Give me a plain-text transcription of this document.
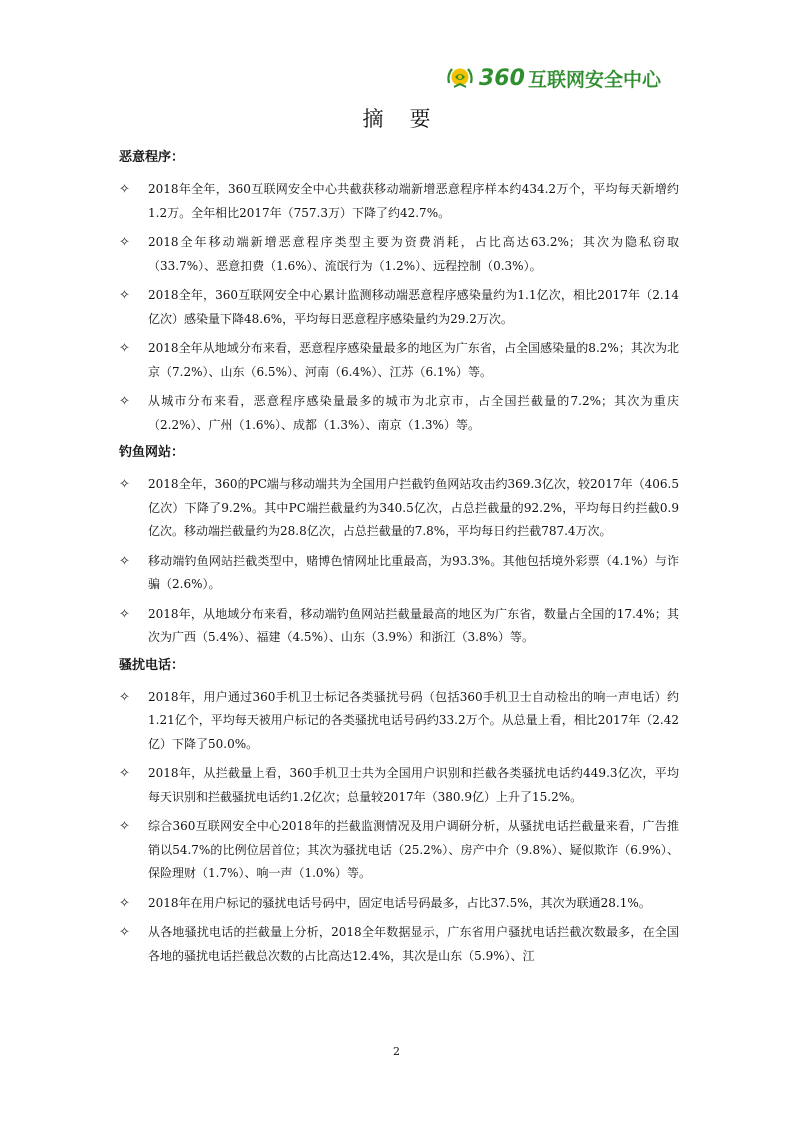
360 互联网安全中心
摘要
恶意程序：
✧ 2018年全年，360互联网安全中心共截获移动端新增恶意程序样本约434.2万个，平均每天新增约1.2万。全年相比2017年（757.3万）下降了约42.7%。
✧ 2018全年移动端新增恶意程序类型主要为资费消耗，占比高达63.2%；其次为隐私窃取（33.7%）、恶意扣费（1.6%）、流氓行为（1.2%）、远程控制（0.3%）。
✧ 2018全年，360互联网安全中心累计监测移动端恶意程序感染量约为1.1亿次，相比2017年（2.14亿次）感染量下降48.6%，平均每日恶意程序感染量约为29.2万次。
✧ 2018全年从地域分布来看，恶意程序感染量最多的地区为广东省，占全国感染量的8.2%；其次为北京（7.2%）、山东（6.5%）、河南（6.4%）、江苏（6.1%）等。
✧ 从城市分布来看，恶意程序感染量最多的城市为北京市，占全国拦截量的7.2%；其次为重庆（2.2%）、广州（1.6%）、成都（1.3%）、南京（1.3%）等。
钓鱼网站：
✧ 2018全年，360的PC端与移动端共为全国用户拦截钓鱼网站攻击约369.3亿次，较2017年（406.5亿次）下降了9.2%。其中PC端拦截量约为340.5亿次，占总拦截量的92.2%，平均每日约拦截0.9亿次。移动端拦截量约为28.8亿次，占总拦截量的7.8%，平均每日约拦截787.4万次。
✧ 移动端钓鱼网站拦截类型中，赌博色情网址比重最高，为93.3%。其他包括境外彩票（4.1%）与诈骗（2.6%）。
✧ 2018年，从地域分布来看，移动端钓鱼网站拦截量最高的地区为广东省，数量占全国的17.4%；其次为广西（5.4%）、福建（4.5%）、山东（3.9%）和浙江（3.8%）等。
骚扰电话：
✧ 2018年，用户通过360手机卫士标记各类骚扰号码（包括360手机卫士自动检出的响一声电话）约1.21亿个，平均每天被用户标记的各类骚扰电话号码约33.2万个。从总量上看，相比2017年（2.42亿）下降了50.0%。
✧ 2018年，从拦截量上看，360手机卫士共为全国用户识别和拦截各类骚扰电话约449.3亿次，平均每天识别和拦截骚扰电话约1.2亿次；总量较2017年（380.9亿）上升了15.2%。
✧ 综合360互联网安全中心2018年的拦截监测情况及用户调研分析，从骚扰电话拦截量来看，广告推销以54.7%的比例位居首位；其次为骚扰电话（25.2%）、房产中介（9.8%）、疑似欺诈（6.9%）、保险理财（1.7%）、响一声（1.0%）等。
✧ 2018年在用户标记的骚扰电话号码中，固定电话号码最多，占比37.5%，其次为联通28.1%。
✧ 从各地骚扰电话的拦截量上分析，2018全年数据显示，广东省用户骚扰电话拦截次数最多，在全国各地的骚扰电话拦截总次数的占比高达12.4%，其次是山东（5.9%）、江
2
